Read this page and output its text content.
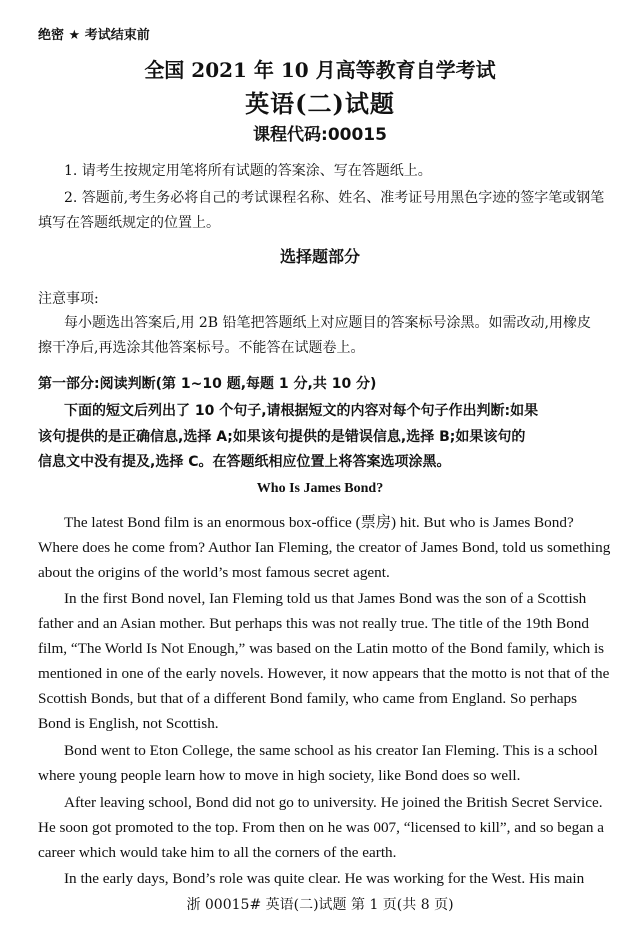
绝密 ★ 考试结束前
全国 2021 年 10 月高等教育自学考试
英语(二)试题
课程代码:00015
1. 请考生按规定用笔将所有试题的答案涂、写在答题纸上。
2. 答题前,考生务必将自己的考试课程名称、姓名、准考证号用黑色字迹的签字笔或钢笔
填写在答题纸规定的位置上。
选择题部分
注意事项:
每小题选出答案后,用 2B 铅笔把答题纸上对应题目的答案标号涂黑。如需改动,用橡皮
擦干净后,再选涂其他答案标号。不能答在试题卷上。
第一部分:阅读判断(第 1~10 题,每题 1 分,共 10 分)
下面的短文后列出了 10 个句子,请根据短文的内容对每个句子作出判断:如果
该句提供的是正确信息,选择 A;如果该句提供的是错误信息,选择 B;如果该句的
信息文中没有提及,选择 C。在答题纸相应位置上将答案选项涂黑。
Who Is James Bond?
The latest Bond film is an enormous box-office (票房) hit. But who is James Bond?
Where does he come from? Author Ian Fleming, the creator of James Bond, told us something
about the origins of the world’s most famous secret agent.
In the first Bond novel, Ian Fleming told us that James Bond was the son of a Scottish
father and an Asian mother. But perhaps this was not really true. The title of the 19th Bond
film, “The World Is Not Enough,” was based on the Latin motto of the Bond family, which is
mentioned in one of the early novels. However, it now appears that the motto is not that of the
Scottish Bonds, but that of a different Bond family, who came from England. So perhaps
Bond is English, not Scottish.
Bond went to Eton College, the same school as his creator Ian Fleming. This is a school
where young people learn how to move in high society, like Bond does so well.
After leaving school, Bond did not go to university. He joined the British Secret Service.
He soon got promoted to the top. From then on he was 007, “licensed to kill”, and so began a
career which would take him to all the corners of the earth.
In the early days, Bond’s role was quite clear. He was working for the West. His main
浙 00015# 英语(二)试题 第 1 页(共 8 页)
